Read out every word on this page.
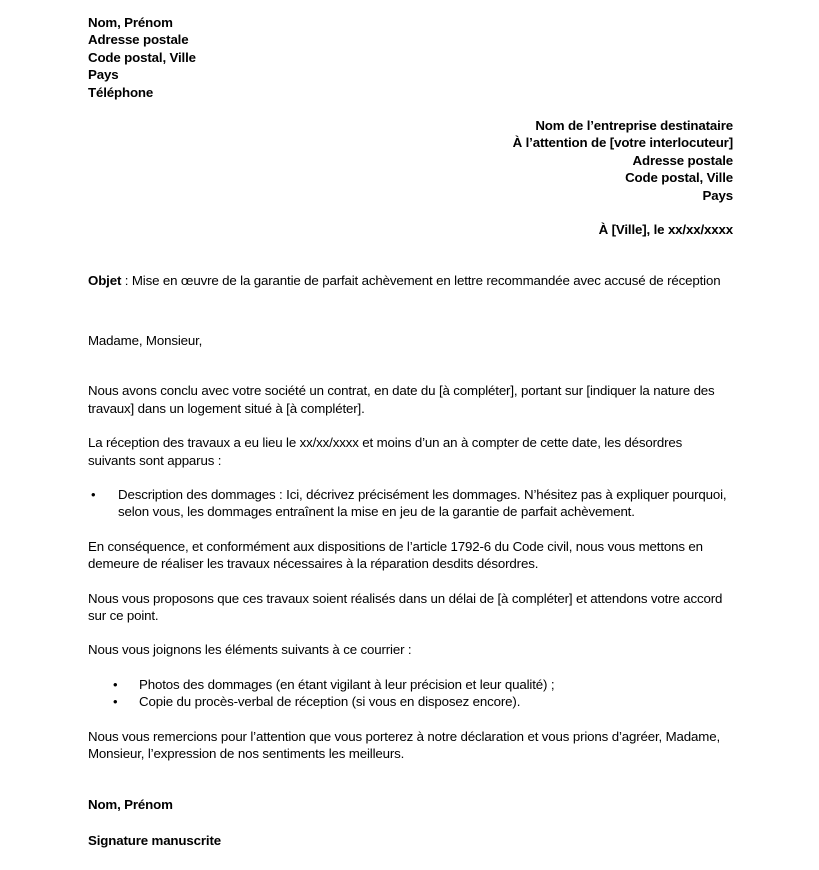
Nom, Prénom
Adresse postale
Code postal, Ville
Pays
Téléphone
Nom de l’entreprise destinataire
À l’attention de [votre interlocuteur]
Adresse postale
Code postal, Ville
Pays
À [Ville], le xx/xx/xxxx
Objet : Mise en œuvre de la garantie de parfait achèvement en lettre recommandée avec accusé de réception

Madame, Monsieur,

Nous avons conclu avec votre société un contrat, en date du [à compléter], portant sur [indiquer la nature des travaux] dans un logement situé à [à compléter].

La réception des travaux a eu lieu le xx/xx/xxxx et moins d’un an à compter de cette date, les désordres suivants sont apparus :

• Description des dommages : Ici, décrivez précisément les dommages. N’hésitez pas à expliquer pourquoi, selon vous, les dommages entraînent la mise en jeu de la garantie de parfait achèvement.

En conséquence, et conformément aux dispositions de l’article 1792-6 du Code civil, nous vous mettons en demeure de réaliser les travaux nécessaires à la réparation desdits désordres.

Nous vous proposons que ces travaux soient réalisés dans un délai de [à compléter] et attendons votre accord sur ce point.

Nous vous joignons les éléments suivants à ce courrier :

• Photos des dommages (en étant vigilant à leur précision et leur qualité) ;
• Copie du procès-verbal de réception (si vous en disposez encore).

Nous vous remercions pour l’attention que vous porterez à notre déclaration et vous prions d’agréer, Madame, Monsieur, l’expression de nos sentiments les meilleurs.

Nom, Prénom
Signature manuscrite
